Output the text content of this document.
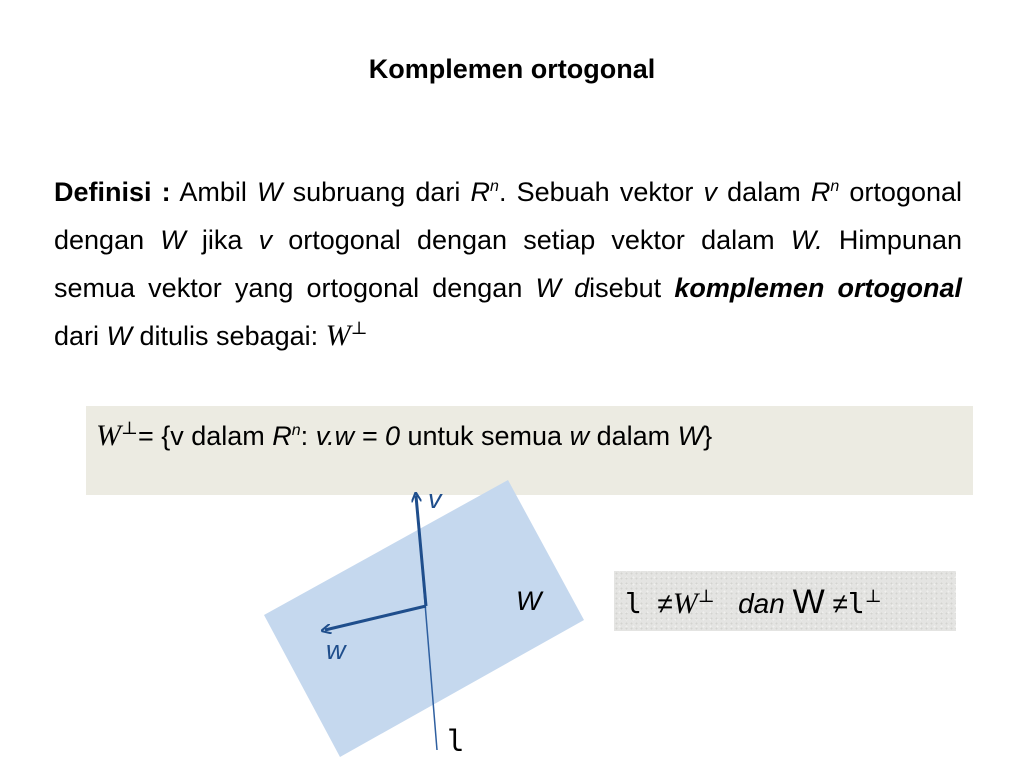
Komplemen ortogonal
Definisi : Ambil W subruang dari $R^n$. Sebuah vektor v dalam $R^n$ ortogonal dengan W jika v ortogonal dengan setiap vektor dalam W. Himpunan semua vektor yang ortogonal dengan W disebut komplemen ortogonal dari W ditulis sebagai: W⊥
W⊥= {v dalam $R^n$: v.w = 0 untuk semua w dalam W}
v
w
W
l
l ≠W⊥ dan W ≠l⊥
